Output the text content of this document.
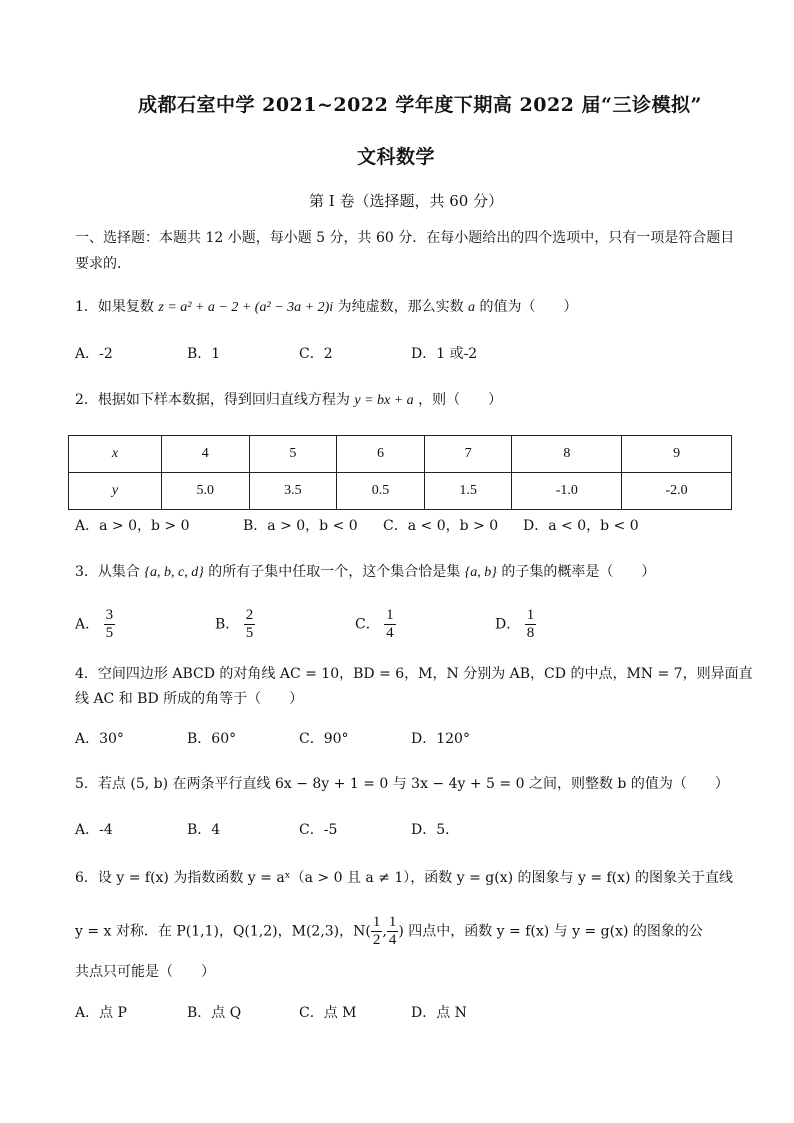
成都石室中学 2021~2022 学年度下期高 2022 届“三诊模拟”
文科数学
第 I 卷（选择题，共 60 分）
一、选择题：本题共 12 小题，每小题 5 分，共 60 分．在每小题给出的四个选项中，只有一项是符合题目
要求的．
1．如果复数 z = a² + a − 2 + (a² − 3a + 2)i 为纯虚数，那么实数 a 的值为（　　）
A．-2	B．1	C．2	D．1 或-2
2．根据如下样本数据，得到回归直线方程为 y = bx + a ，则（　　）
x	4	5	6	7	8	9
y	5.0	3.5	0.5	1.5	-1.0	-2.0
A．a > 0，b > 0	B．a > 0，b < 0 C．a < 0，b > 0 D．a < 0，b < 0
3．从集合 {a, b, c, d} 的所有子集中任取一个，这个集合恰是集 {a, b} 的子集的概率是（　　）
A． $\frac{3}{5}$	B． $\frac{2}{5}$	C． $\frac{1}{4}$	D． $\frac{1}{8}$
4．空间四边形 ABCD 的对角线 AC = 10，BD = 6，M，N 分别为 AB，CD 的中点，MN = 7，则异面直
线 AC 和 BD 所成的角等于（　　）
A．30°	B．60°	C．90°	D．120°
5．若点 (5, b) 在两条平行直线 6x − 8y + 1 = 0 与 3x − 4y + 5 = 0 之间，则整数 b 的值为（　　）
A．-4	B．4	C．-5	D．5．
6．设 y = f(x) 为指数函数 y = aˣ（a > 0 且 a ≠ 1），函数 y = g(x) 的图象与 y = f(x) 的图象关于直线
y = x 对称．在 P(1,1)，Q(1,2)，M(2,3)，$N( \frac{1}{2}$ , $\frac{1}{4}$ ) 四点中，函数 y = f(x) 与 y = g(x) 的图象的公
共点只可能是（　　）
A．点 P	B．点 Q	C．点 M	D．点 N
